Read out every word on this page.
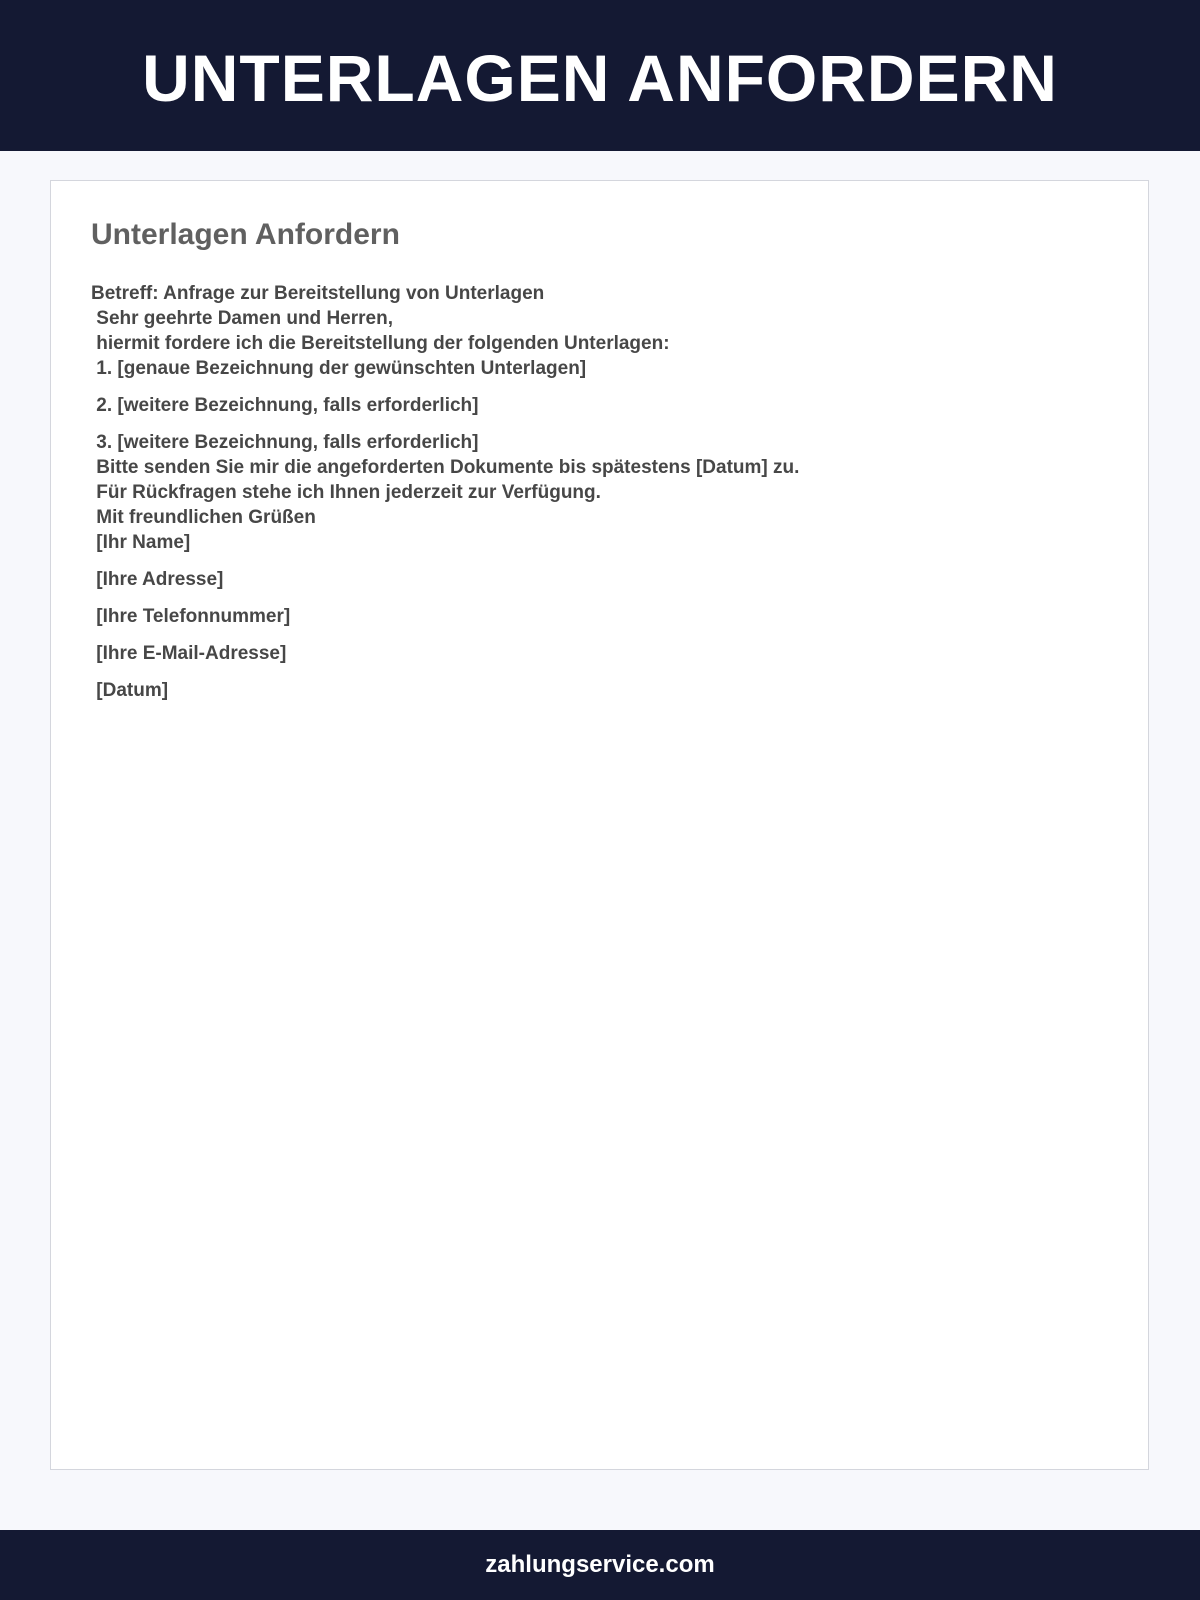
UNTERLAGEN ANFORDERN
Unterlagen Anfordern
Betreff: Anfrage zur Bereitstellung von Unterlagen
Sehr geehrte Damen und Herren,
hiermit fordere ich die Bereitstellung der folgenden Unterlagen:
1. [genaue Bezeichnung der gewünschten Unterlagen]
2. [weitere Bezeichnung, falls erforderlich]
3. [weitere Bezeichnung, falls erforderlich]
Bitte senden Sie mir die angeforderten Dokumente bis spätestens [Datum] zu.
Für Rückfragen stehe ich Ihnen jederzeit zur Verfügung.
Mit freundlichen Grüßen
[Ihr Name]
[Ihre Adresse]
[Ihre Telefonnummer]
[Ihre E-Mail-Adresse]
[Datum]
zahlungservice.com
